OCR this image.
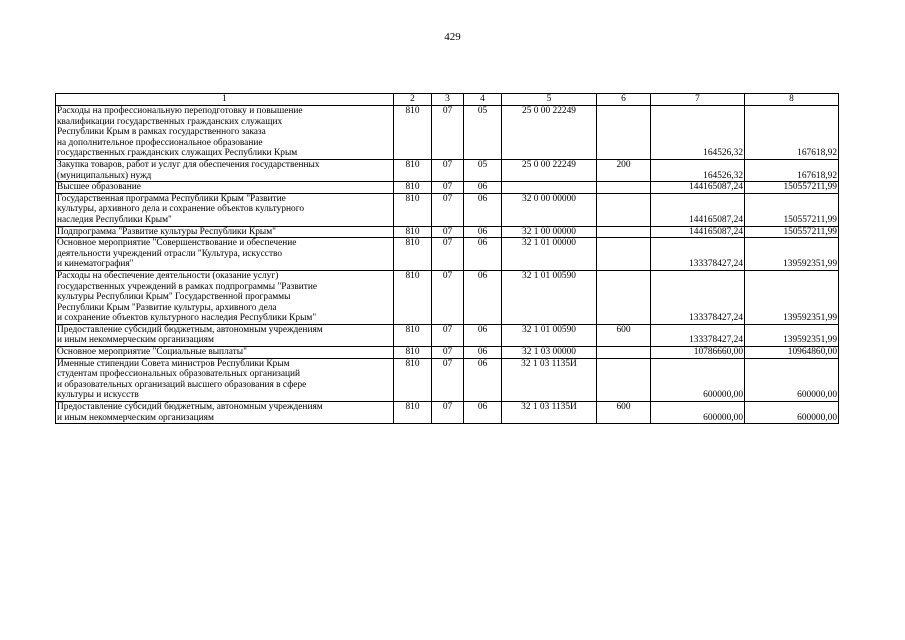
429
1	2	3	4	5	6	7	8
Расходы на профессиональную переподготовку и повышение
квалификации государственных гражданских служащих
Республики Крым в рамках государственного заказа
на дополнительное профессиональное образование
государственных гражданских служащих Республики Крым	810	07	05	25 0 00 22249		164526,32	167618,92
Закупка товаров, работ и услуг для обеспечения государственных
(муниципальных) нужд	810	07	05	25 0 00 22249	200	164526,32	167618,92
Высшее образование	810	07	06			144165087,24	150557211,99
Государственная программа Республики Крым "Развитие
культуры, архивного дела и сохранение объектов культурного
наследия Республики Крым"	810	07	06	32 0 00 00000		144165087,24	150557211,99
Подпрограмма "Развитие культуры Республики Крым"	810	07	06	32 1 00 00000		144165087,24	150557211,99
Основное мероприятие "Совершенствование и обеспечение
деятельности учреждений отрасли "Культура, искусство
и кинематография"	810	07	06	32 1 01 00000		133378427,24	139592351,99
Расходы на обеспечение деятельности (оказание услуг)
государственных учреждений в рамках подпрограммы "Развитие
культуры Республики Крым" Государственной программы
Республики Крым "Развитие культуры, архивного дела
и сохранение объектов культурного наследия Республики Крым"	810	07	06	32 1 01 00590		133378427,24	139592351,99
Предоставление субсидий бюджетным, автономным учреждениям
и иным некоммерческим организациям	810	07	06	32 1 01 00590	600	133378427,24	139592351,99
Основное мероприятие "Социальные выплаты"	810	07	06	32 1 03 00000		10786660,00	10964860,00
Именные стипендии Совета министров Республики Крым
студентам профессиональных образовательных организаций
и образовательных организаций высшего образования в сфере
культуры и искусств	810	07	06	32 1 03 1135И		600000,00	600000,00
Предоставление субсидий бюджетным, автономным учреждениям
и иным некоммерческим организациям	810	07	06	32 1 03 1135И	600	600000,00	600000,00
